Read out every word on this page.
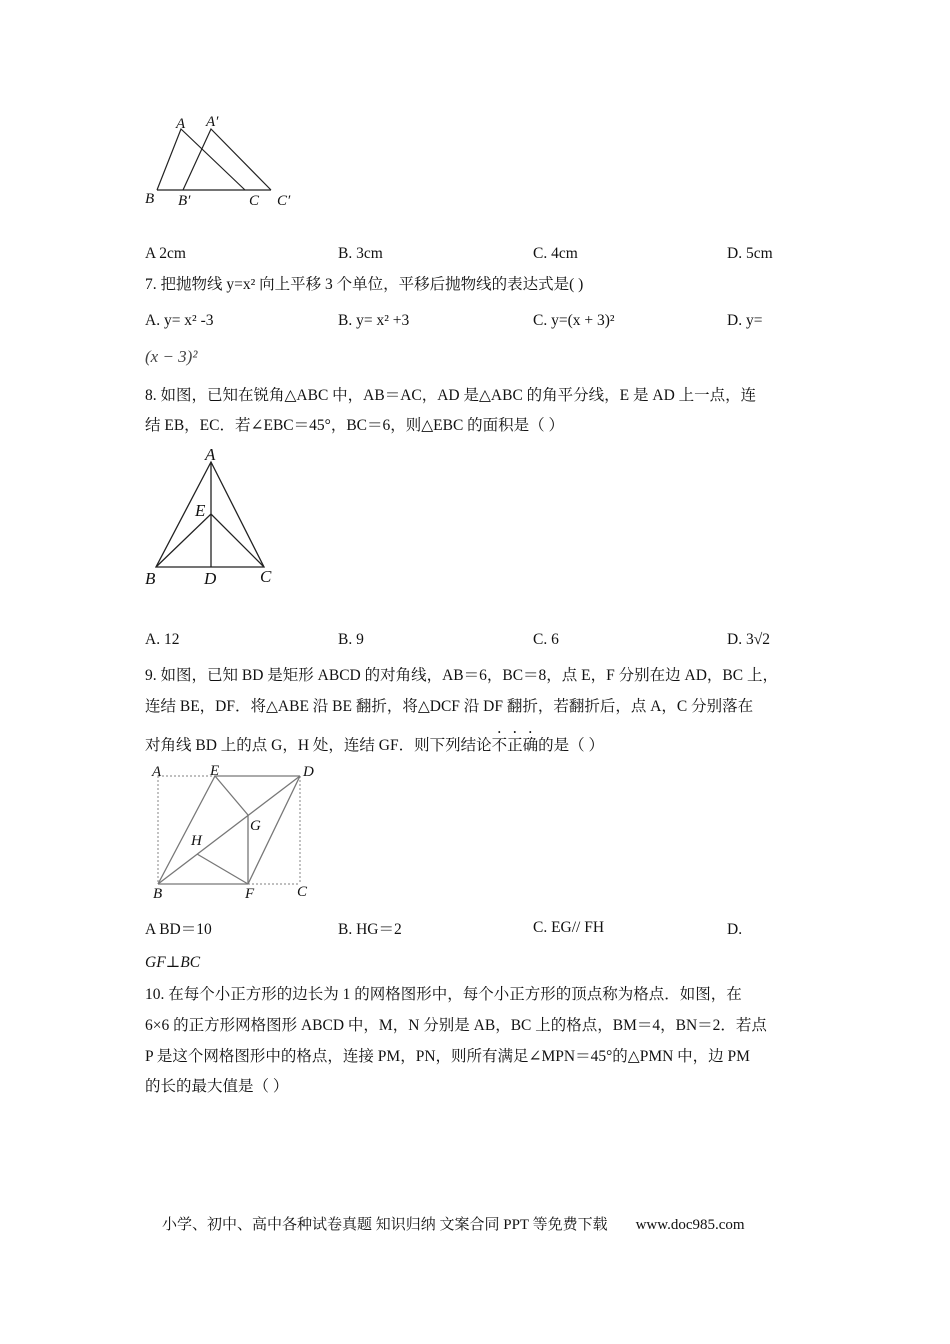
A A′
B B′	C C′
A 2cm	B. 3cm	C. 4cm	D. 5cm
7. 把抛物线 y=x² 向上平移 3 个单位，平移后抛物线的表达式是( )
A. y= x² -3	B. y= x² +3	C. y=(x + 3)²	D. y=
(x − 3)²
8. 如图，已知在锐角△ABC 中，AB＝AC，AD 是△ABC 的角平分线，E 是 AD 上一点，连
结 EB，EC．若∠EBC＝45°，BC＝6，则△EBC 的面积是（ ）
A
E
B	D	C
A. 12	B. 9	C. 6	D. 3√2
9. 如图，已知 BD 是矩形 ABCD 的对角线，AB＝6，BC＝8，点 E，F 分别在边 AD，BC 上，
连结 BE，DF．将△ABE 沿 BE 翻折，将△DCF 沿 DF 翻折，若翻折后，点 A，C 分别落在
对角线 BD 上的点 G，H 处，连结 GF．则下列结论不正确的是（ ）
A	E	D
G
H
B	F	C
A BD＝10	B. HG＝2	C. EG// FH	D.
GF⊥BC
10. 在每个小正方形的边长为 1 的网格图形中，每个小正方形的顶点称为格点．如图，在
6×6 的正方形网格图形 ABCD 中，M，N 分别是 AB，BC 上的格点，BM＝4，BN＝2．若点
P 是这个网格图形中的格点，连接 PM，PN，则所有满足∠MPN＝45°的△PMN 中，边 PM
的长的最大值是（ ）
小学、初中、高中各种试卷真题 知识归纳 文案合同 PPT 等免费下载 www.doc985.com
